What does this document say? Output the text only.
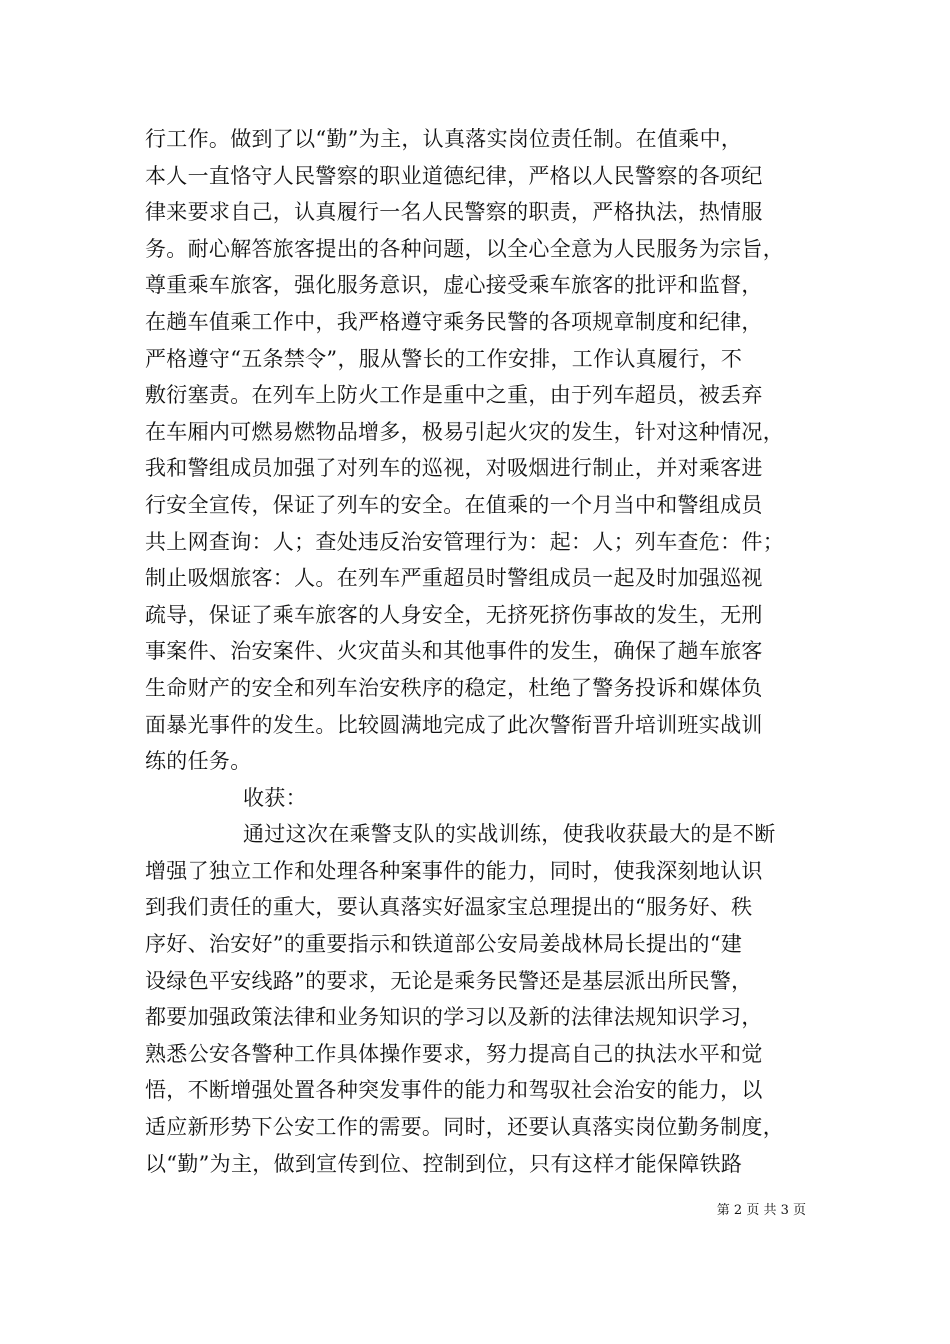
行工作。做到了以“勤”为主，认真落实岗位责任制。在值乘中，
本人一直恪守人民警察的职业道德纪律，严格以人民警察的各项纪
律来要求自己，认真履行一名人民警察的职责，严格执法，热情服
务。耐心解答旅客提出的各种问题，以全心全意为人民服务为宗旨，
尊重乘车旅客，强化服务意识，虚心接受乘车旅客的批评和监督，
在趟车值乘工作中，我严格遵守乘务民警的各项规章制度和纪律，
严格遵守“五条禁令”，服从警长的工作安排，工作认真履行，不
敷衍塞责。在列车上防火工作是重中之重，由于列车超员，被丢弃
在车厢内可燃易燃物品增多，极易引起火灾的发生，针对这种情况，
我和警组成员加强了对列车的巡视，对吸烟进行制止，并对乘客进
行安全宣传，保证了列车的安全。在值乘的一个月当中和警组成员
共上网查询：人；查处违反治安管理行为：起：人；列车查危：件；
制止吸烟旅客：人。在列车严重超员时警组成员一起及时加强巡视
疏导，保证了乘车旅客的人身安全，无挤死挤伤事故的发生，无刑
事案件、治安案件、火灾苗头和其他事件的发生，确保了趟车旅客
生命财产的安全和列车治安秩序的稳定，杜绝了警务投诉和媒体负
面暴光事件的发生。比较圆满地完成了此次警衔晋升培训班实战训
练的任务。
收获：
通过这次在乘警支队的实战训练，使我收获最大的是不断
增强了独立工作和处理各种案事件的能力，同时，使我深刻地认识
到我们责任的重大，要认真落实好温家宝总理提出的“服务好、秩
序好、治安好”的重要指示和铁道部公安局姜战林局长提出的“建
设绿色平安线路”的要求，无论是乘务民警还是基层派出所民警，
都要加强政策法律和业务知识的学习以及新的法律法规知识学习，
熟悉公安各警种工作具体操作要求，努力提高自己的执法水平和觉
悟，不断增强处置各种突发事件的能力和驾驭社会治安的能力，以
适应新形势下公安工作的需要。同时，还要认真落实岗位勤务制度，
以“勤”为主，做到宣传到位、控制到位，只有这样才能保障铁路
第 2 页 共 3 页
